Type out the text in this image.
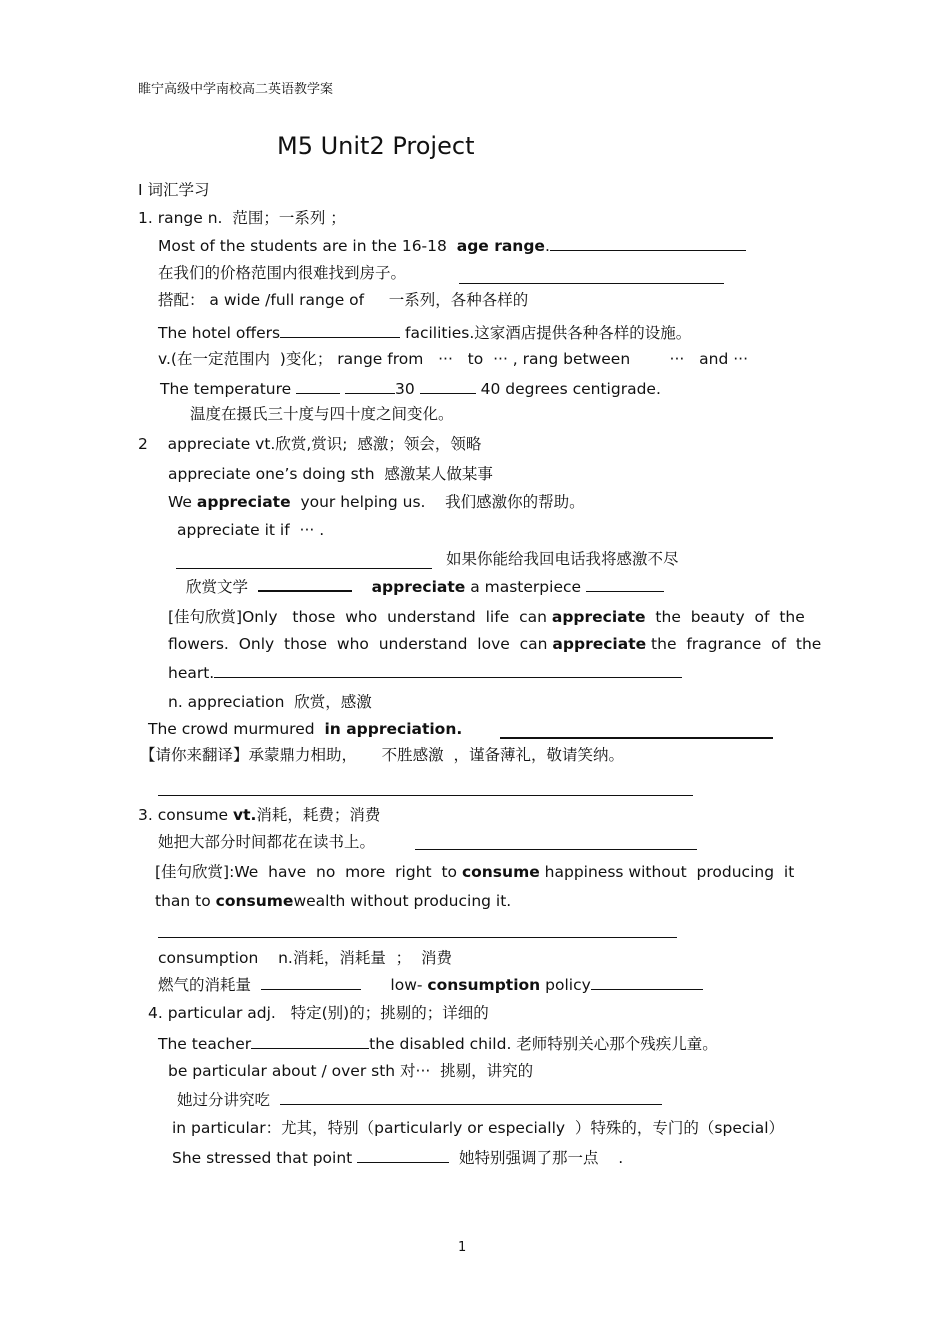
睢宁高级中学南校高二英语教学案
M5 Unit2 Project
I 词汇学习
1. range n.  范围；一系列 ；
Most of the students are in the 16-18  age range.
在我们的价格范围内很难找到房子。
搭配： a wide /full range of     一系列，各种各样的
The hotel offers	facilities.这家酒店提供各种各样的设施。
v.(在一定范围内  )变化； range from   ···   to  ··· , rang between        ···   and ···
The temperature	30	40 degrees centigrade.
温度在摄氏三十度与四十度之间变化。
2    appreciate vt.欣赏,赏识;  感激；领会，领略
appreciate one’s doing sth  感激某人做某事
We appreciate  your helping us.    我们感激你的帮助。
appreciate it if  ··· .
如果你能给我回电话我将感激不尽
欣赏文学	appreciate a masterpiece
[佳句欣赏]Only   those  who  understand  life  can appreciate  the  beauty  of  the
flowers.  Only  those  who  understand  love  can appreciate the  fragrance  of  the
heart.
n. appreciation  欣赏，感激
The crowd murmured  in appreciation.
【请你来翻译】承蒙鼎力相助，     不胜感激  ，谨备薄礼，敬请笑纳。
3. consume vt.消耗，耗费；消费
她把大部分时间都花在读书上。
[佳句欣赏]:We  have  no  more  right  to consume happiness without  producing  it
than to consumewealth without producing it.
consumption    n.消耗，消耗量  ；  消费
燃气的消耗量	low- consumption policy
4. particular adj.   特定(别)的；挑剔的；详细的
The teacher	the disabled child. 老师特别关心那个残疾儿童。
be particular about / over sth 对···  挑剔，讲究的
她过分讲究吃
in particular：尤其，特别（particularly or especially  ）特殊的，专门的（special）
She stressed that point	她特别强调了那一点    .
1
